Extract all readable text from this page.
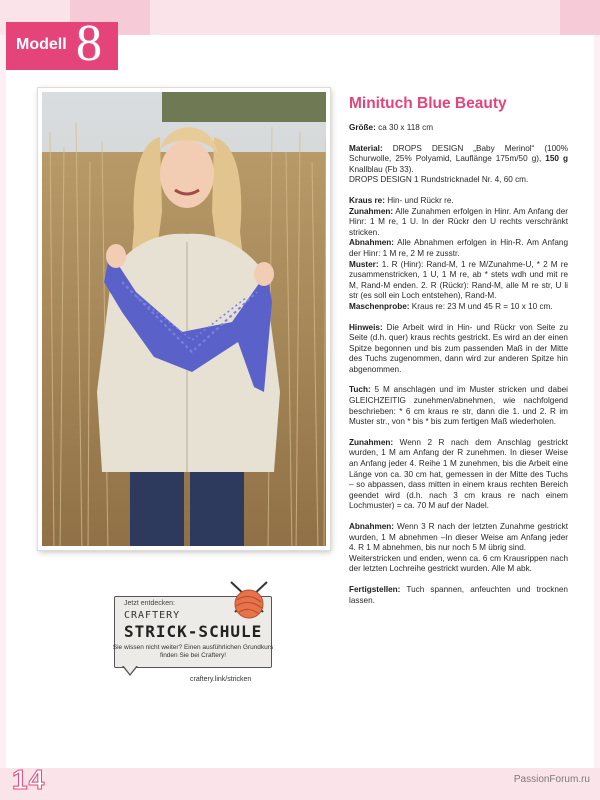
Modell 8
Jetzt entdecken:
CRAFTERY
STRICK-SCHULE
Sie wissen nicht weiter? Einen ausführlichen Grundkurs finden Sie bei Craftery!
craftery.link/stricken
Minituch Blue Beauty
Größe: ca 30 x 118 cm
Material: DROPS DESIGN „Baby Merinol“ (100% Schurwolle, 25% Polyamid, Lauflänge 175m/50 g), 150 g Knallblau (Fb 33).
DROPS DESIGN 1 Rundstricknadel Nr. 4, 60 cm.
Kraus re: Hin- und Rückr re.
Zunahmen: Alle Zunahmen erfolgen in Hinr. Am Anfang der Hinr: 1 M re, 1 U. In der Rückr den U rechts verschränkt stricken.
Abnahmen: Alle Abnahmen erfolgen in Hin-R. Am Anfang der Hinr: 1 M re, 2 M re zusstr.
Muster: 1. R (Hinr): Rand-M, 1 re M/Zunahme-U, * 2 M re zusammenstricken, 1 U, 1 M re, ab * stets wdh und mit re M, Rand-M enden. 2. R (Rückr): Rand-M, alle M re str, U li str (es soll ein Loch entstehen), Rand-M.
Maschenprobe: Kraus re: 23 M und 45 R = 10 x 10 cm.
Hinweis: Die Arbeit wird in Hin- und Rückr von Seite zu Seite (d.h. quer) kraus rechts gestrickt. Es wird an der einen Spitze begonnen und bis zum passenden Maß in der Mitte des Tuchs zugenommen, dann wird zur anderen Spitze hin abgenommen.
Tuch: 5 M anschlagen und im Muster stricken und dabei GLEICHZEITIG zunehmen/abnehmen, wie nachfolgend beschrieben: * 6 cm kraus re str, dann die 1. und 2. R im Muster str., von * bis * bis zum fertigen Maß wiederholen.
Zunahmen: Wenn 2 R nach dem Anschlag gestrickt wurden, 1 M am Anfang der R zunehmen. In dieser Weise an Anfang jeder 4. Reihe 1 M zunehmen, bis die Arbeit eine Länge von ca. 30 cm hat, gemessen in der Mitte des Tuchs – so abpassen, dass mitten in einem kraus rechten Bereich geendet wird (d.h. nach 3 cm kraus re nach einem Lochmuster) = ca. 70 M auf der Nadel.
Abnahmen: Wenn 3 R nach der letzten Zunahme gestrickt wurden, 1 M abnehmen –In dieser Weise am Anfang jeder 4. R 1 M abnehmen, bis nur noch 5 M übrig sind.
Weiterstricken und enden, wenn ca. 6 cm Krausrippen nach der letzten Lochreihe gestrickt wurden. Alle M abk.
Fertigstellen: Tuch spannen, anfeuchten und trocknen lassen.
14	PassionForum.ru
